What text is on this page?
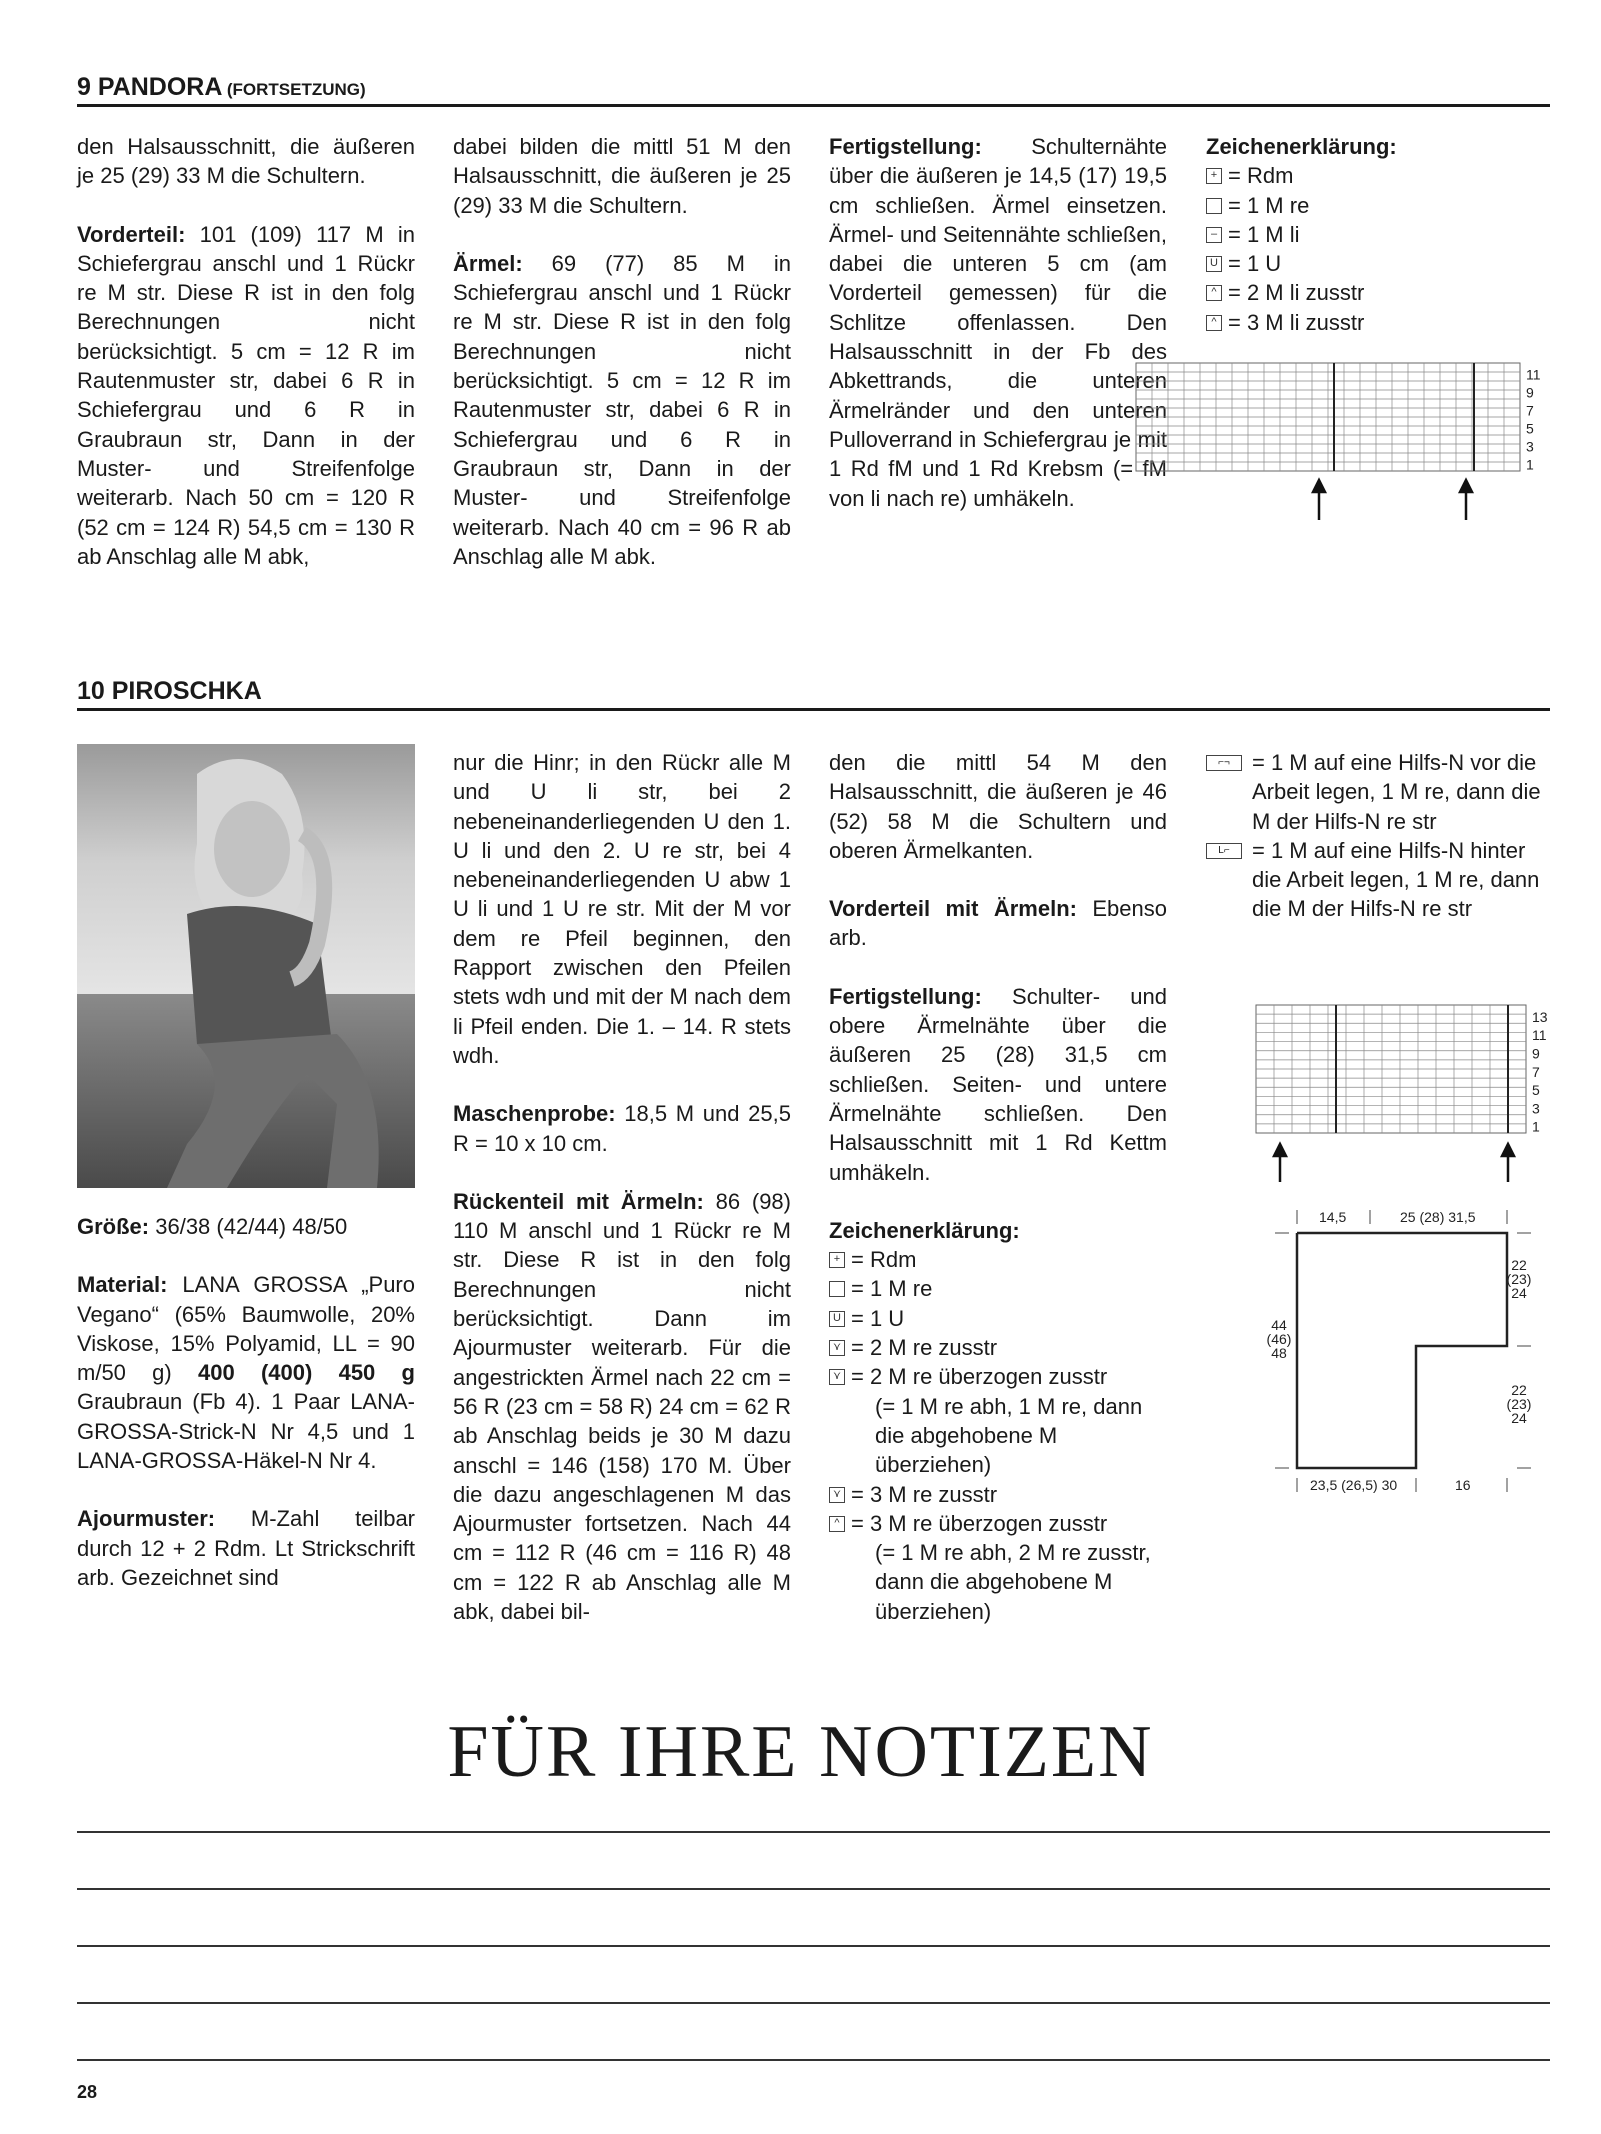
9 PANDORA (FORTSETZUNG)

den Halsausschnitt, die äußeren je 25 (29) 33 M die Schultern.

Vorderteil: 101 (109) 117 M in Schiefergrau anschl und 1 Rückr re M str. Diese R ist in den folg Berechnungen nicht berücksichtigt. 5 cm = 12 R im Rautenmuster str, dabei 6 R in Schiefergrau und 6 R in Graubraun str, Dann in der Muster- und Streifenfolge weiterarb. Nach 50 cm = 120 R (52 cm = 124 R) 54,5 cm = 130 R ab Anschlag alle M abk,

dabei bilden die mittl 51 M den Halsausschnitt, die äußeren je 25 (29) 33 M die Schultern.

Ärmel: 69 (77) 85 M in Schiefergrau anschl und 1 Rückr re M str. Diese R ist in den folg Berechnungen nicht berücksichtigt. 5 cm = 12 R im Rautenmuster str, dabei 6 R in Schiefergrau und 6 R in Graubraun str, Dann in der Muster- und Streifenfolge weiterarb. Nach 40 cm = 96 R ab Anschlag alle M abk.

Fertigstellung: Schulternähte über die äußeren je 14,5 (17) 19,5 cm schließen. Ärmel einsetzen. Ärmel- und Seitennähte schließen, dabei die unteren 5 cm (am Vorderteil gemessen) für die Schlitze offenlassen. Den Halsausschnitt in der Fb des Abkettrands, die unteren Ärmelränder und den unteren Pulloverrand in Schiefergrau je mit 1 Rd fM und 1 Rd Krebsm (= fM von li nach re) umhäkeln.

Zeichenerklärung:
+ = Rdm
= 1 M re
– = 1 M li
U = 1 U
^ = 2 M li zusstr
^ = 3 M li zusstr
11
9
7
5
3
1
10 PIROSCHKA

Größe: 36/38 (42/44) 48/50

Material: LANA GROSSA „Puro Vegano“ (65% Baumwolle, 20% Viskose, 15% Polyamid, LL = 90 m/50 g) 400 (400) 450 g Graubraun (Fb 4). 1 Paar LANA-GROSSA-Strick-N Nr 4,5 und 1 LANA-GROSSA-Häkel-N Nr 4.

Ajourmuster: M-Zahl teilbar durch 12 + 2 Rdm. Lt Strickschrift arb. Gezeichnet sind

nur die Hinr; in den Rückr alle M und U li str, bei 2 nebeneinanderliegenden U den 1. U li und den 2. U re str, bei 4 nebeneinanderliegenden U abw 1 U li und 1 U re str. Mit der M vor dem re Pfeil beginnen, den Rapport zwischen den Pfeilen stets wdh und mit der M nach dem li Pfeil enden. Die 1. – 14. R stets wdh.

Maschenprobe: 18,5 M und 25,5 R = 10 x 10 cm.

Rückenteil mit Ärmeln: 86 (98) 110 M anschl und 1 Rückr re M str. Diese R ist in den folg Berechnungen nicht berücksichtigt. Dann im Ajourmuster weiterarb. Für die angestrickten Ärmel nach 22 cm = 56 R (23 cm = 58 R) 24 cm = 62 R ab Anschlag beids je 30 M dazu anschl = 146 (158) 170 M. Über die dazu angeschlagenen M das Ajourmuster fortsetzen. Nach 44 cm = 112 R (46 cm = 116 R) 48 cm = 122 R ab Anschlag alle M abk, dabei bil-

den die mittl 54 M den Halsausschnitt, die äußeren je 46 (52) 58 M die Schultern und oberen Ärmelkanten.

Vorderteil mit Ärmeln: Ebenso arb.

Fertigstellung: Schulter- und obere Ärmelnähte über die äußeren 25 (28) 31,5 cm schließen. Seiten- und untere Ärmelnähte schließen. Den Halsausschnitt mit 1 Rd Kettm umhäkeln.

Zeichenerklärung:
+ = Rdm
= 1 M re
U = 1 U
⋎ = 2 M re zusstr
⋎ = 2 M re überzogen zusstr
(= 1 M re abh, 1 M re, dann die abgehobene M überziehen)
⋎ = 3 M re zusstr
^ = 3 M re überzogen zusstr
(= 1 M re abh, 2 M re zusstr, dann die abgehobene M überziehen)
⌐¬	= 1 M auf eine Hilfs-N vor die Arbeit legen, 1 M re, dann die M der Hilfs-N re str
L⌐	= 1 M auf eine Hilfs-N hinter die Arbeit legen, 1 M re, dann die M der Hilfs-N re str
13
11
9
7
5
3
1
14,5	25 (28) 31,5
22
(23)
24
22
(23)
24
44
(46)
48
23,5 (26,5) 30	16
FÜR IHRE NOTIZEN
28
